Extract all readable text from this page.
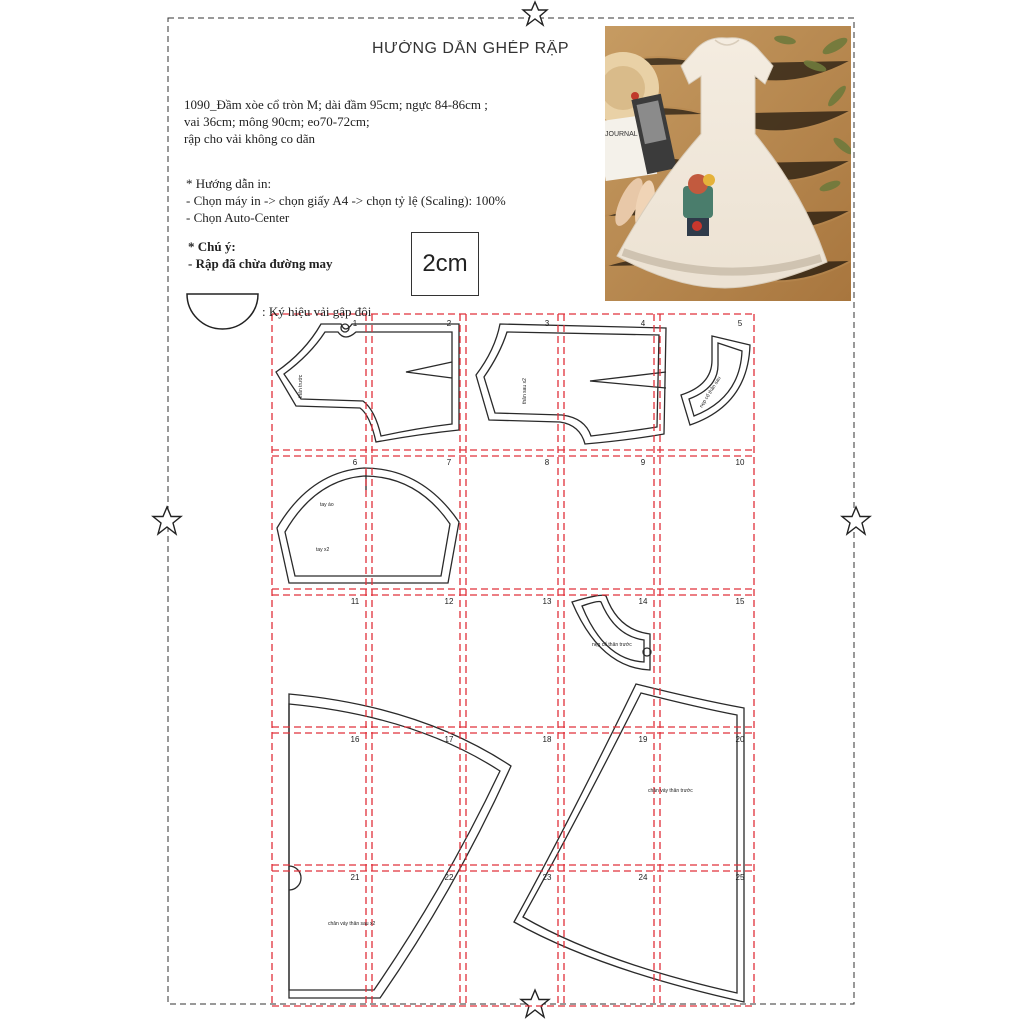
1	2	3	4	5
6	7	8	9	10
11	12	13	14	15
16	17	18	19	20
21	22	23	24	25
thân trước	thân sau x2	nẹp cổ thân sau
tay áo
tay x2
nẹp cổ thân trước
chân váy thân sau x2
chân váy thân trước
HƯỚNG DẪN GHÉP RẬP
1090_Đầm xòe cổ tròn M; dài đầm 95cm; ngực 84-86cm ;
vai 36cm; mông 90cm; eo70-72cm;
rập cho vải không co dãn
* Hướng dẫn in:
- Chọn máy in -> chọn giấy A4 -> chọn tỷ lệ (Scaling): 100%
- Chọn Auto-Center
* Chú ý:
- Rập đã chừa đường may	2cm
: Ký hiệu vải gập đôi
JOURNAL
